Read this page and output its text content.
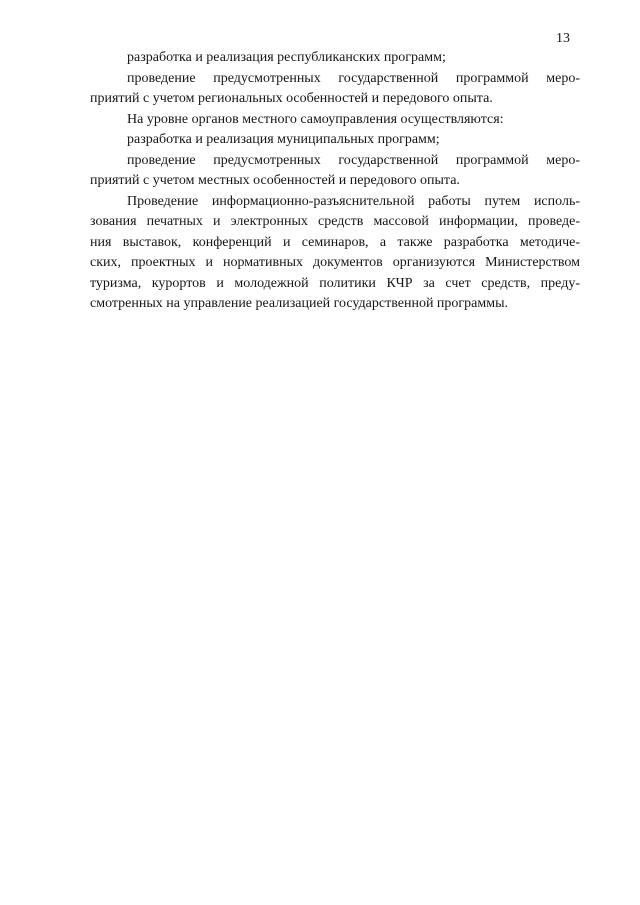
13
разработка и реализация республиканских программ;
проведение предусмотренных государственной программой меро-
приятий с учетом региональных особенностей и передового опыта.
На уровне органов местного самоуправления осуществляются:
разработка и реализация муниципальных программ;
проведение предусмотренных государственной программой меро-
приятий с учетом местных особенностей и передового опыта.
Проведение информационно-разъяснительной работы путем исполь-
зования печатных и электронных средств массовой информации, проведе-
ния выставок, конференций и семинаров, а также разработка методиче-
ских, проектных и нормативных документов организуются Министерством
туризма, курортов и молодежной политики КЧР за счет средств, преду-
смотренных на управление реализацией государственной программы.
